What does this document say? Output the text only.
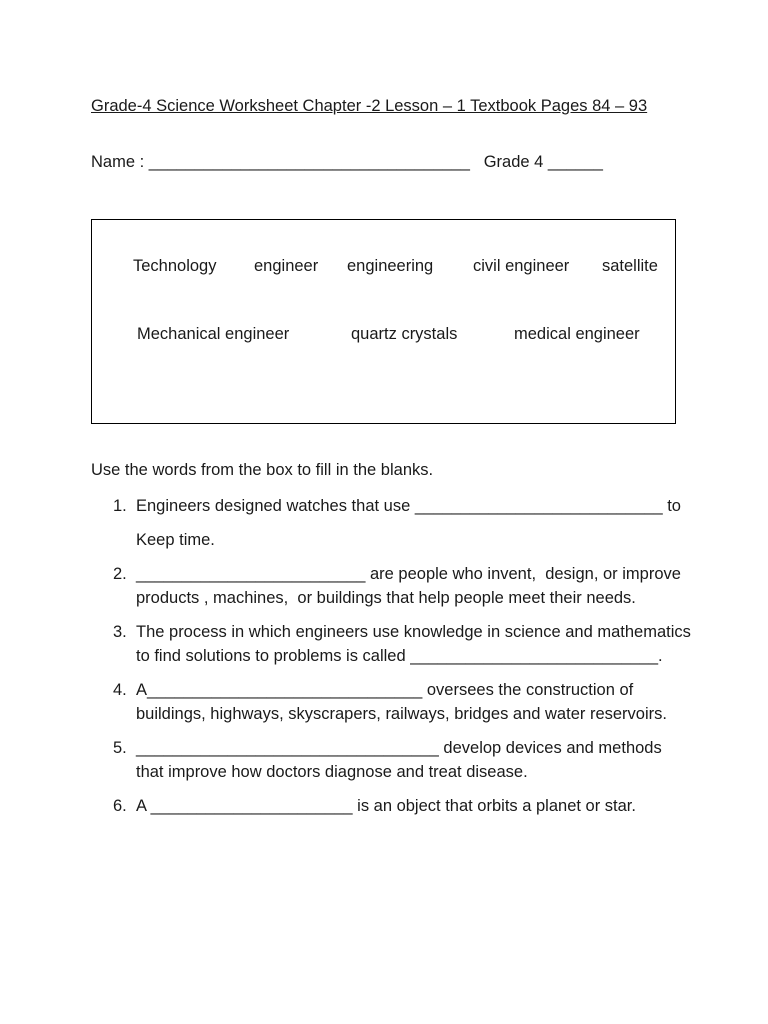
Grade-4 Science Worksheet Chapter -2 Lesson – 1 Textbook Pages 84 – 93
Name : ___________________________________   Grade 4 ______
Technology engineer engineering civil engineer satellite
Mechanical engineer	quartz crystals	medical engineer
Use the words from the box to fill in the blanks.
1. Engineers designed watches that use ___________________________ to
Keep time.
2. _________________________ are people who invent,  design, or improve products , machines,  or buildings that help people meet their needs.
3. The process in which engineers use knowledge in science and mathematics to find solutions to problems is called ___________________________.
4. A______________________________ oversees the construction of buildings, highways, skyscrapers, railways, bridges and water reservoirs.
5. _________________________________ develop devices and methods that improve how doctors diagnose and treat disease.
6. A ______________________ is an object that orbits a planet or star.
